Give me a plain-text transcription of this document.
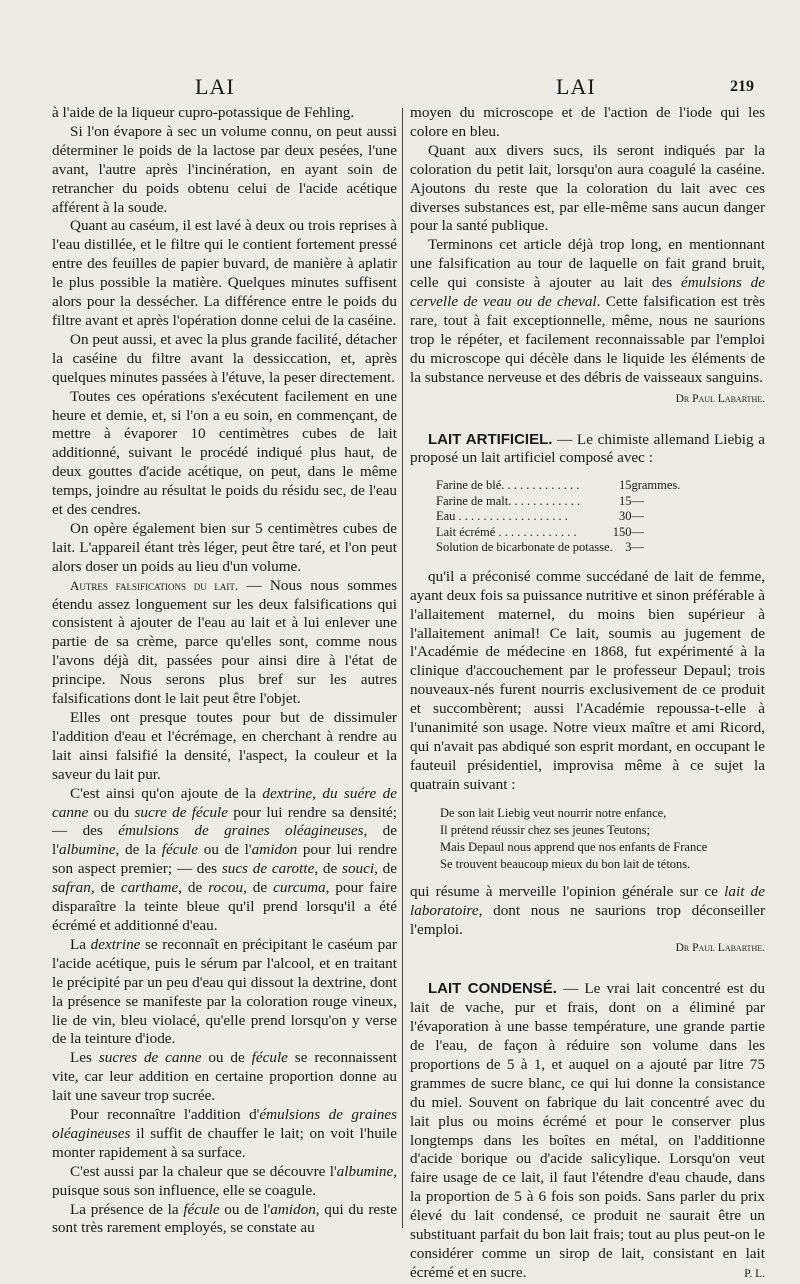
LAI	LAI	219

à l'aide de la liqueur cupro-potassique de Fehling.

Si l'on évapore à sec un volume connu, on peut aussi déterminer le poids de la lactose par deux pesées, l'une avant, l'autre après l'incinération, en ayant soin de retrancher du poids obtenu celui de l'acide acétique afférent à la soude.

Quant au caséum, il est lavé à deux ou trois reprises à l'eau distillée, et le filtre qui le contient fortement pressé entre des feuilles de papier buvard, de manière à aplatir le plus possible la matière. Quelques minutes suffisent alors pour la dessécher. La différence entre le poids du filtre avant et après l'opération donne celui de la caséine.

On peut aussi, et avec la plus grande facilité, détacher la caséine du filtre avant la dessiccation, et, après quelques minutes passées à l'étuve, la peser directement.

Toutes ces opérations s'exécutent facilement en une heure et demie, et, si l'on a eu soin, en commençant, de mettre à évaporer 10 centimètres cubes de lait additionné, suivant le procédé indiqué plus haut, de deux gouttes d'acide acétique, on peut, dans le même temps, joindre au résultat le poids du résidu sec, de l'eau et des cendres.

On opère également bien sur 5 centimètres cubes de lait. L'appareil étant très léger, peut être taré, et l'on peut alors doser un poids au lieu d'un volume.

Autres falsifications du lait. — Nous nous sommes étendu assez longuement sur les deux falsifications qui consistent à ajouter de l'eau au lait et à lui enlever une partie de sa crème, parce qu'elles sont, comme nous l'avons déjà dit, passées pour ainsi dire à l'état de principe. Nous serons plus bref sur les autres falsifications dont le lait peut être l'objet.

Elles ont presque toutes pour but de dissimuler l'addition d'eau et l'écrémage, en cherchant à rendre au lait ainsi falsifié la densité, l'aspect, la couleur et la saveur du lait pur.

C'est ainsi qu'on ajoute de la dextrine, du suére de canne ou du sucre de fécule pour lui rendre sa densité; — des émulsions de graines oléagineuses, de l'albumine, de la fécule ou de l'amidon pour lui rendre son aspect premier; — des sucs de carotte, de souci, de safran, de carthame, de rocou, de curcuma, pour faire disparaître la teinte bleue qu'il prend lorsqu'il a été écrémé et additionné d'eau.

La dextrine se reconnaît en précipitant le caséum par l'acide acétique, puis le sérum par l'alcool, et en traitant le précipité par un peu d'eau qui dissout la dextrine, dont la présence se manifeste par la coloration rouge vineux, lie de vin, bleu violacé, qu'elle prend lorsqu'on y verse de la teinture d'iode.

Les sucres de canne ou de fécule se reconnaissent vite, car leur addition en certaine proportion donne au lait une saveur trop sucrée.

Pour reconnaître l'addition d'émulsions de graines oléagineuses il suffit de chauffer le lait; on voit l'huile monter rapidement à sa surface.

C'est aussi par la chaleur que se découvre l'albumine, puisque sous son influence, elle se coagule.

La présence de la fécule ou de l'amidon, qui du reste sont très rarement employés, se constate au

moyen du microscope et de l'action de l'iode qui les colore en bleu.

Quant aux divers sucs, ils seront indiqués par la coloration du petit lait, lorsqu'on aura coagulé la caséine. Ajoutons du reste que la coloration du lait avec ces diverses substances est, par elle-même sans aucun danger pour la santé publique.

Terminons cet article déjà trop long, en mentionnant une falsification au tour de laquelle on fait grand bruit, celle qui consiste à ajouter au lait des émulsions de cervelle de veau ou de cheval. Cette falsification est très rare, tout à fait exceptionnelle, même, nous ne saurions trop le répéter, et facilement reconnaissable par l'emploi du microscope qui décèle dans le liquide les éléments de la substance nerveuse et des débris de vaisseaux sanguins.

Dr Paul Labarthe.

LAIT ARTIFICIEL. — Le chimiste allemand Liebig a proposé un lait artificiel composé avec :

Farine de blé. . . . . . . . . . . . .	15	grammes.
Farine de malt. . . . . . . . . . . .	15	—
Eau . . . . . . . . . . . . . . . . . .	30	—
Lait écrémé . . . . . . . . . . . . .	150	—
Solution de bicarbonate de potasse.	3	—

qu'il a préconisé comme succédané de lait de femme, ayant deux fois sa puissance nutritive et sinon préférable à l'allaitement maternel, du moins bien supérieur à l'allaitement animal! Ce lait, soumis au jugement de l'Académie de médecine en 1868, fut expérimenté à la clinique d'accouchement par le professeur Depaul; trois nouveaux-nés furent nourris exclusivement de ce produit et succombèrent; aussi l'Académie repoussa-t-elle à l'unanimité son usage. Notre vieux maître et ami Ricord, qui n'avait pas abdiqué son esprit mordant, en occupant le fauteuil présidentiel, improvisa même à ce sujet la quatrain suivant :

De son lait Liebig veut nourrir notre enfance,
Il prétend réussir chez ses jeunes Teutons;
Mais Depaul nous apprend que nos enfants de France
Se trouvent beaucoup mieux du bon lait de tétons.

qui résume à merveille l'opinion générale sur ce lait de laboratoire, dont nous ne saurions trop déconseiller l'emploi.

Dr Paul Labarthe.

LAIT CONDENSÉ. — Le vrai lait concentré est du lait de vache, pur et frais, dont on a éliminé par l'évaporation à une basse température, une grande partie de l'eau, de façon à réduire son volume dans les proportions de 5 à 1, et auquel on a ajouté par litre 75 grammes de sucre blanc, ce qui lui donne la consistance du miel. Souvent on fabrique du lait concentré avec du lait plus ou moins écrémé et pour le conserver plus longtemps dans les boîtes en métal, on l'additionne d'acide borique ou d'acide salicylique. Lorsqu'on veut faire usage de ce lait, il faut l'étendre d'eau chaude, dans la proportion de 5 à 6 fois son poids. Sans parler du prix élevé du lait condensé, ce produit ne saurait être un substituant parfait du bon lait frais; tout au plus peut-on le considérer comme un sirop de lait, consistant en lait écrémé et en sucre.	P. L.
